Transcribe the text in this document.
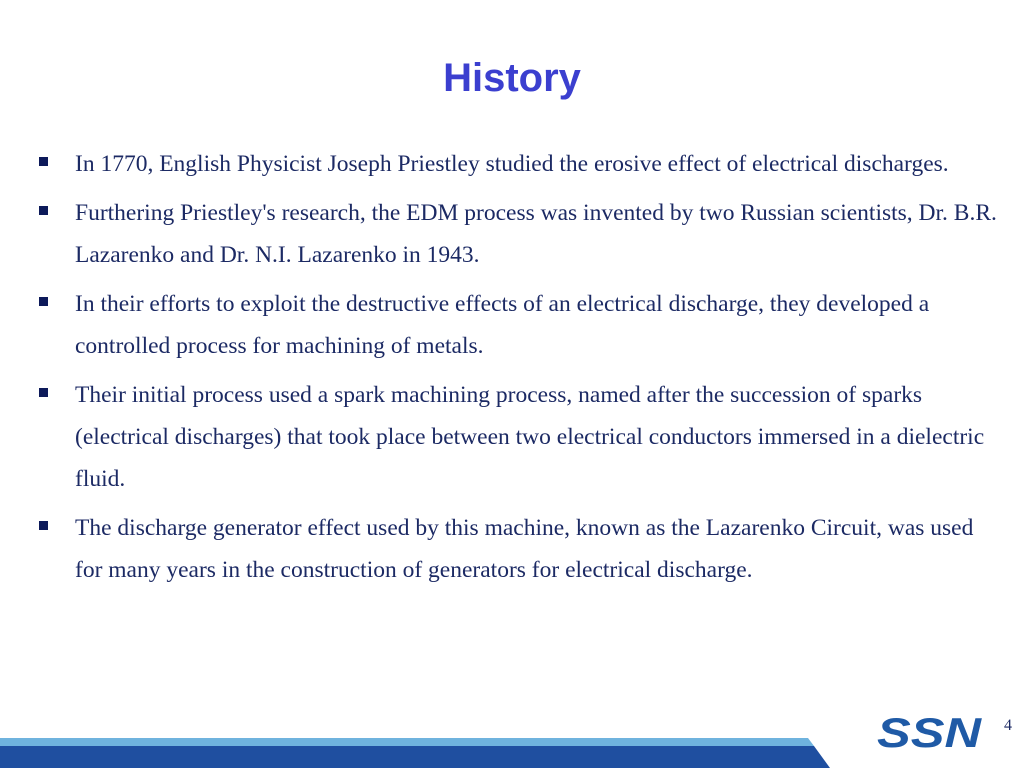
History
In 1770, English Physicist Joseph Priestley studied the erosive effect of electrical discharges.
Furthering Priestley's research, the EDM process was invented by two Russian scientists, Dr. B.R. Lazarenko and Dr. N.I. Lazarenko in 1943.
In their efforts to exploit the destructive effects of an electrical discharge, they developed a controlled process for machining of metals.
Their initial process used a spark machining process, named after the succession of sparks (electrical discharges) that took place between two electrical conductors immersed in a dielectric fluid.
The discharge generator effect used by this machine, known as the Lazarenko Circuit, was used for many years in the construction of generators for electrical discharge.
SSN 4
